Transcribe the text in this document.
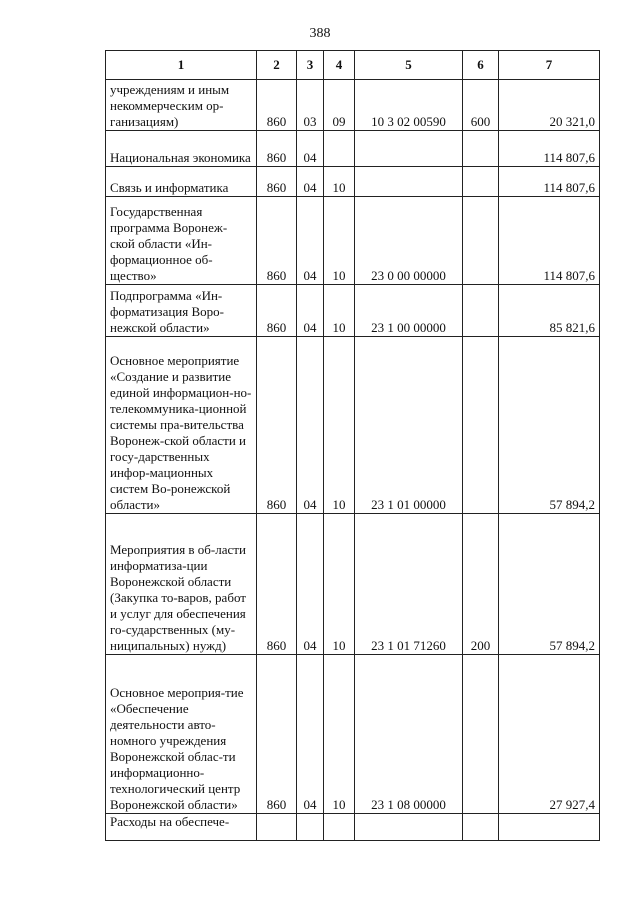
388
1	2	3	4	5	6	7
учреждениям и иным некоммерческим ор-ганизациям)	860	03	09	10 3 02 00590	600	20 321,0
Национальная экономика	860	04				114 807,6
Связь и информатика	860	04	10			114 807,6
Государственная программа Воронеж-ской области «Ин-формационное об-щество»	860	04	10	23 0 00 00000		114 807,6
Подпрограмма «Ин-форматизация Воро-нежской области»	860	04	10	23 1 00 00000		85 821,6
Основное мероприятие «Создание и развитие единой информацион-но-телекоммуника-ционной системы пра-вительства Воронеж-ской области и госу-дарственных инфор-мационных систем Во-ронежской области»	860	04	10	23 1 01 00000		57 894,2
Мероприятия в об-ласти информатиза-ции Воронежской области (Закупка то-варов, работ и услуг для обеспечения го-сударственных (му-ниципальных) нужд)	860	04	10	23 1 01 71260	200	57 894,2
Основное мероприя-тие «Обеспечение деятельности авто-номного учреждения Воронежской облас-ти информационно-технологический центр Воронежской области»	860	04	10	23 1 08 00000		27 927,4
Расходы на обеспече-						
